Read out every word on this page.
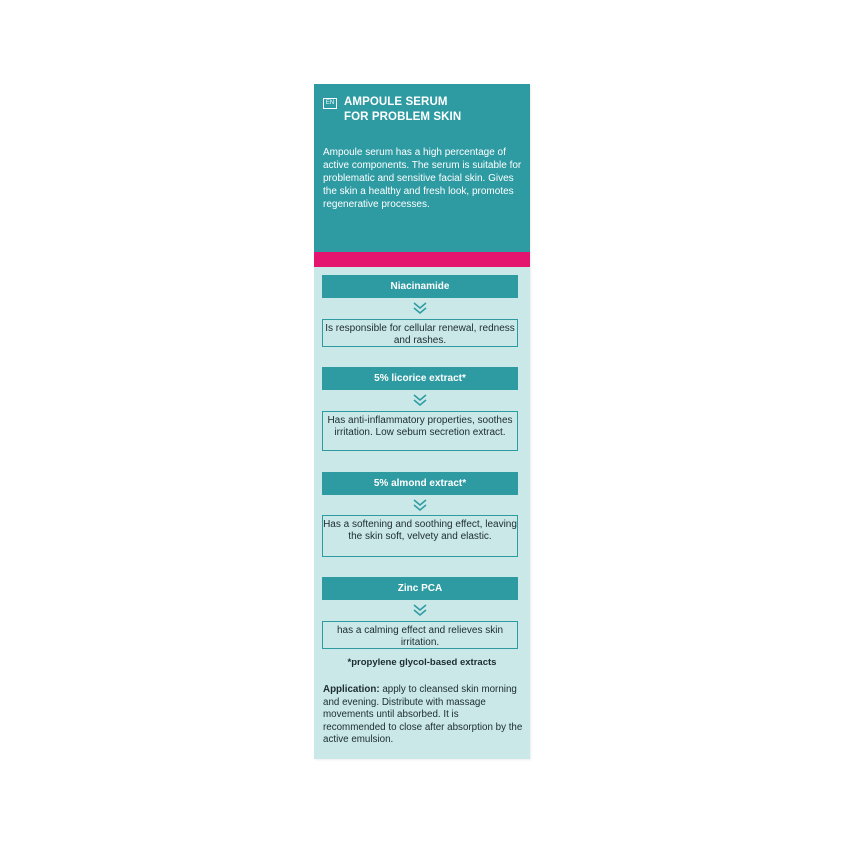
EN AMPOULE SERUM
FOR PROBLEM SKIN
Ampoule serum has a high percentage of active components. The serum is suitable for problematic and sensitive facial skin. Gives the skin a healthy and fresh look, promotes regenerative processes.
Niacinamide
Is responsible for cellular renewal, redness and rashes.
5% licorice extract*
Has anti-inflammatory properties, soothes irritation. Low sebum secretion extract.
5% almond extract*
Has a softening and soothing effect, leaving the skin soft, velvety and elastic.
Zinc PCA
has a calming effect and relieves skin irritation.
*propylene glycol-based extracts
Application: apply to cleansed skin morning and evening. Distribute with massage movements until absorbed. It is recommended to close after absorption by the active emulsion.
